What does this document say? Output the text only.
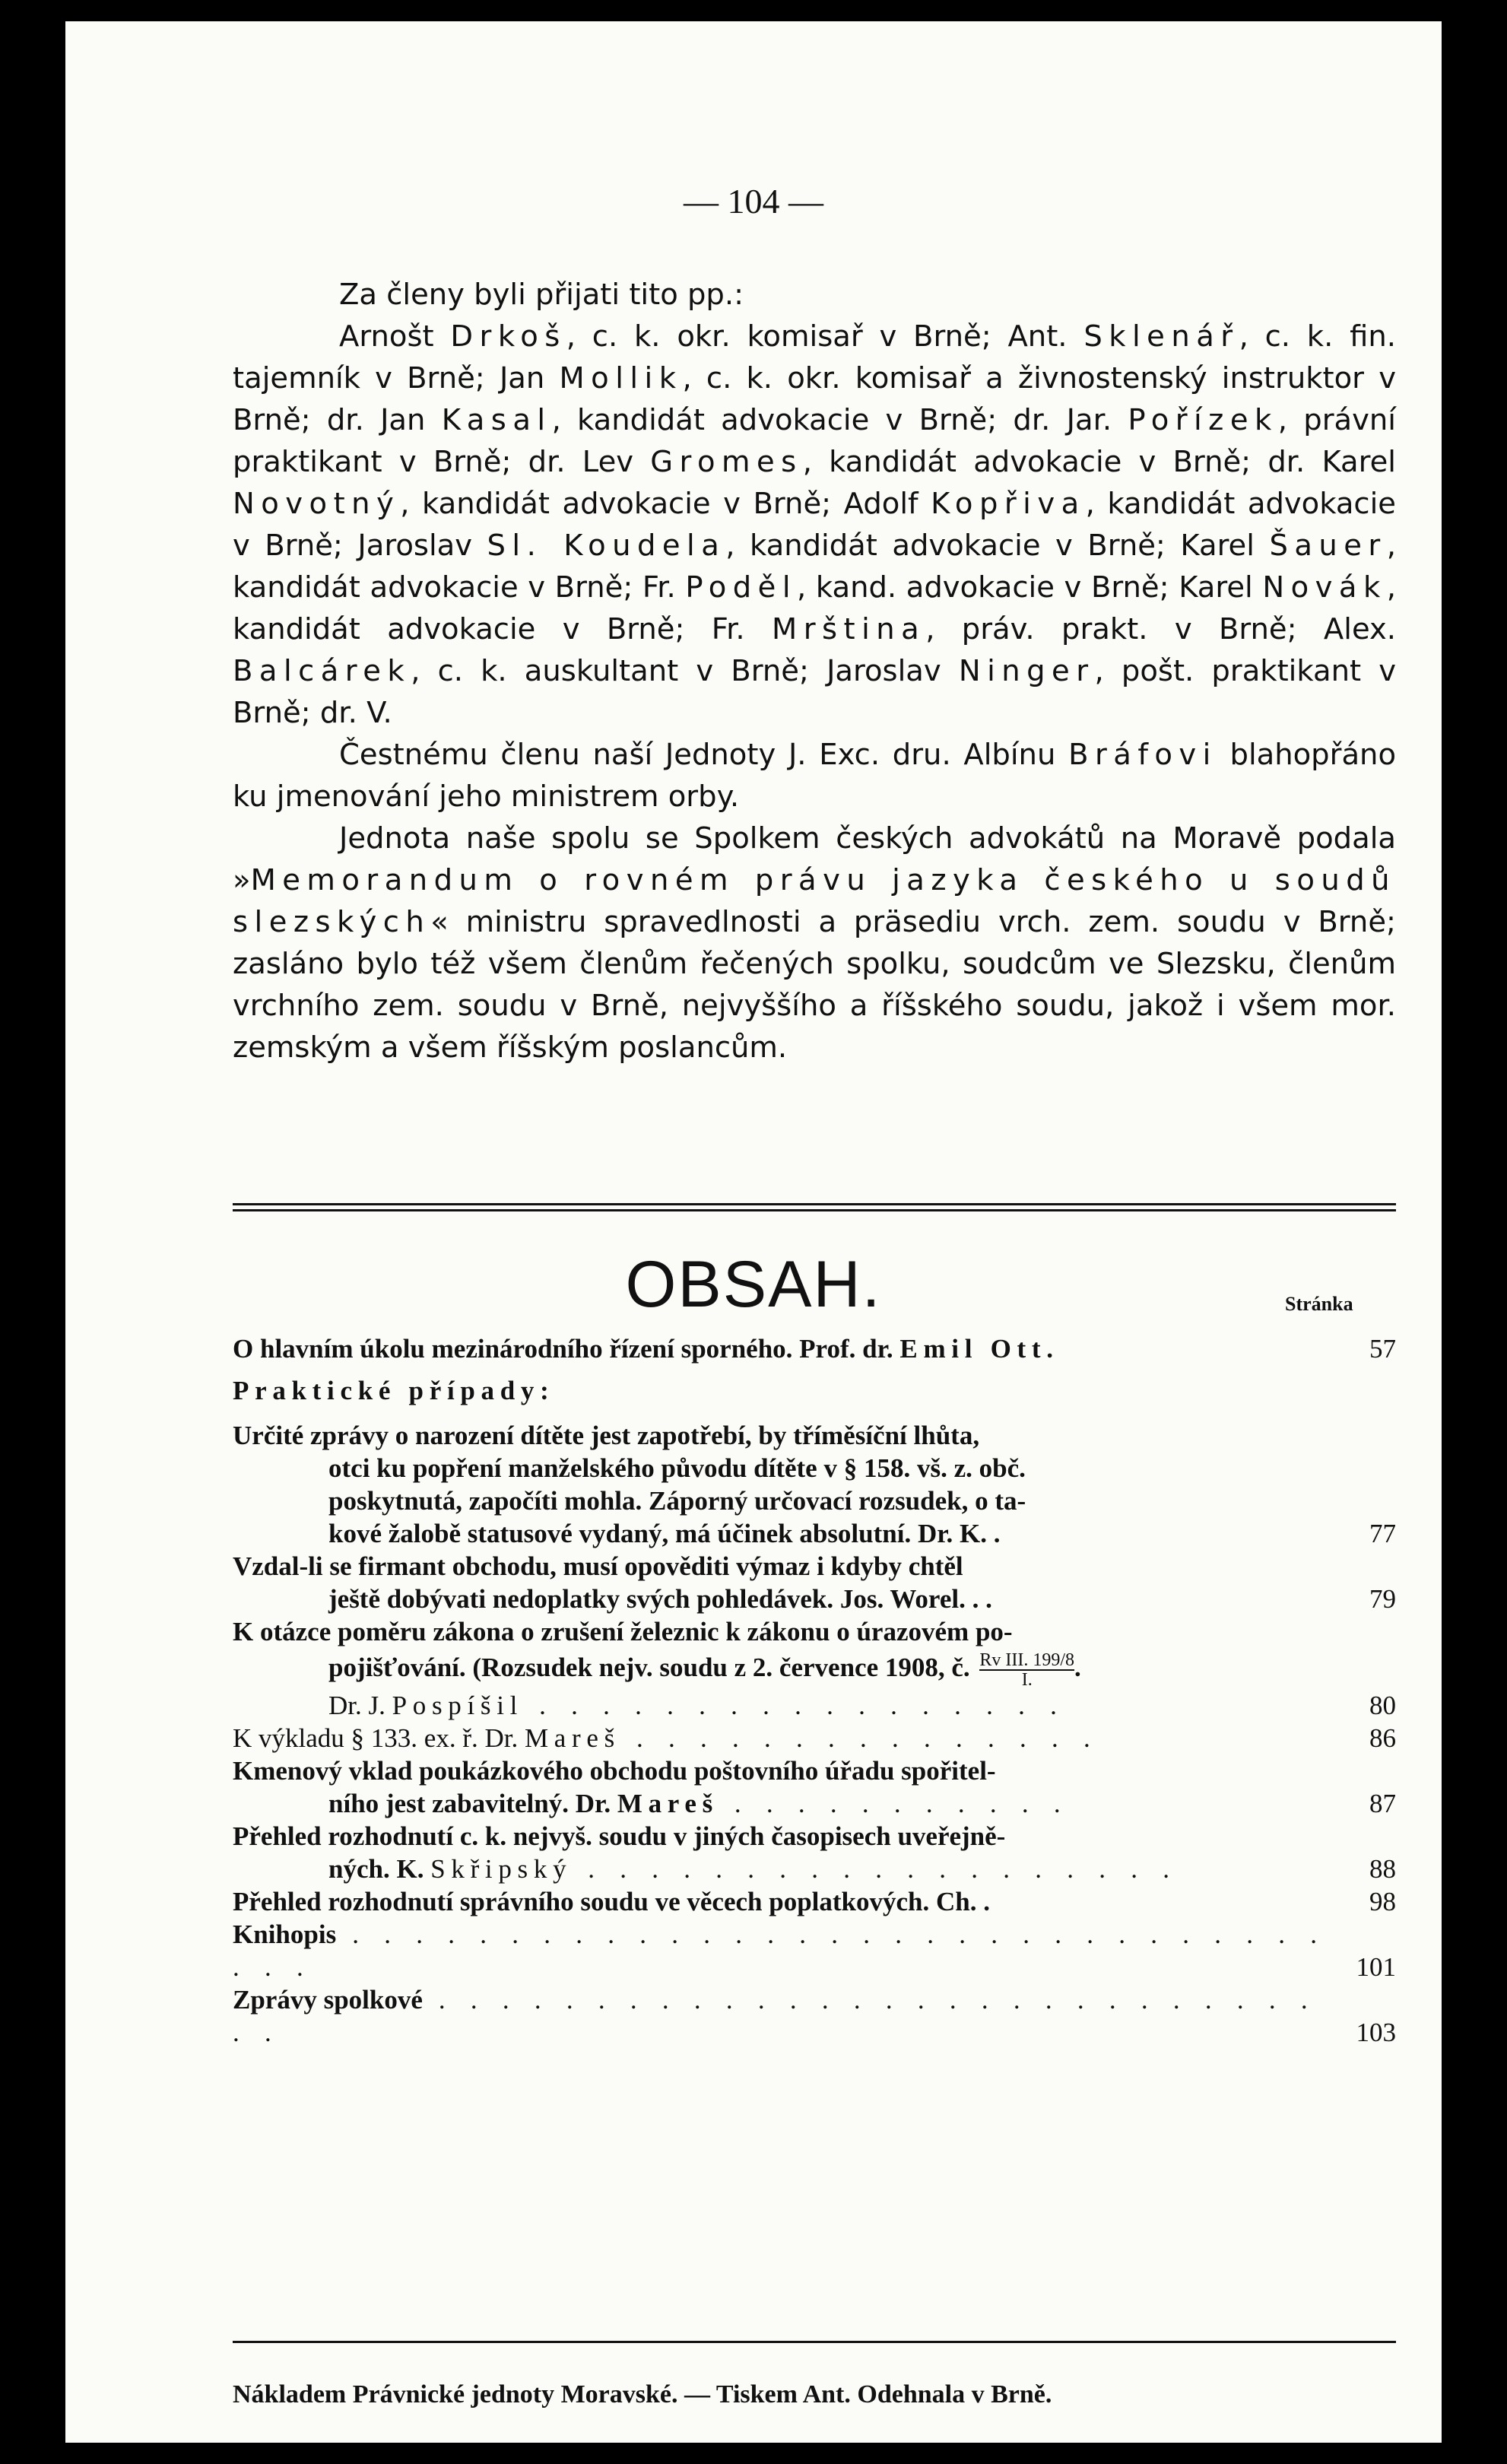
— 104 —

Za členy byli přijati tito pp.:

Arnošt Drkoš, c. k. okr. komisař v Brně; Ant. Sklenář, c. k. fin. tajemník v Brně; Jan Mollik, c. k. okr. komisař a živnostenský instruktor v Brně; dr. Jan Kasal, kandidát advokacie v Brně; dr. Jar. Pořízek, právní praktikant v Brně; dr. Lev Gromes, kandidát advokacie v Brně; dr. Karel Novotný, kandidát advokacie v Brně; Adolf Kopřiva, kandidát advokacie v Brně; Jaroslav Sl. Koudela, kandidát advokacie v Brně; Karel Šauer, kandidát advokacie v Brně; Fr. Poděl, kand. advokacie v Brně; Karel Novák, kandidát advokacie v Brně; Fr. Mrština, práv. prakt. v Brně; Alex. Balcárek, c. k. auskultant v Brně; Jaroslav Ninger, pošt. praktikant v Brně; dr. V.

Čestnému členu naší Jednoty J. Exc. dru. Albínu Bráfovi blahopřáno ku jmenování jeho ministrem orby.

Jednota naše spolu se Spolkem českých advokátů na Moravě podala »Memorandum o rovném právu jazyka českého u soudů slezských« ministru spravedlnosti a präsediu vrch. zem. soudu v Brně; zasláno bylo též všem členům řečených spolku, soudcům ve Slezsku, členům vrchního zem. soudu v Brně, nejvyššího a říšského soudu, jakož i všem mor. zemským a všem říšským poslancům.

OBSAH.	Stránka
O hlavním úkolu mezinárodního řízení sporného. Prof. dr. Emil Ott.	57
Praktické případy:
Určité zprávy o narození dítěte jest zapotřebí, by tříměsíční lhůta,
otci ku popření manželského původu dítěte v § 158. vš. z. obč.
poskytnutá, započíti mohla. Záporný určovací rozsudek, o ta-
kové žalobě statusové vydaný, má účinek absolutní. Dr. K. .	77
Vzdal-li se firmant obchodu, musí opověditi výmaz i kdyby chtěl
ještě dobývati nedoplatky svých pohledávek. Jos. Worel. . .	79
K otázce poměru zákona o zrušení železnic k zákonu o úrazovém po-
pojišťování. (Rozsudek nejv. soudu z 2. července 1908, č. $\frac{\text{Rv III. 199/8}}{I.}$ .
Dr. J. Pospíšil . . . . . . . . . . . . . . . . .	80
K výkladu § 133. ex. ř. Dr. Mareš . . . . . . . . . . . . . . .	86
Kmenový vklad poukázkového obchodu poštovního úřadu spořitel-
ního jest zabavitelný. Dr. Mareš . . . . . . . . . . .	87
Přehled rozhodnutí c. k. nejvyš. soudu v jiných časopisech uveřejně-
ných. K. Skřipský . . . . . . . . . . . . . . . . . . .	88
Přehled rozhodnutí správního soudu ve věcech poplatkových. Ch. .	98
Knihopis . . . . . . . . . . . . . . . . . . . . . . . . . . . . . . . . . .	101
Zprávy spolkové . . . . . . . . . . . . . . . . . . . . . . . . . . . . . .	103
Nákladem Právnické jednoty Moravské. — Tiskem Ant. Odehnala v Brně.
